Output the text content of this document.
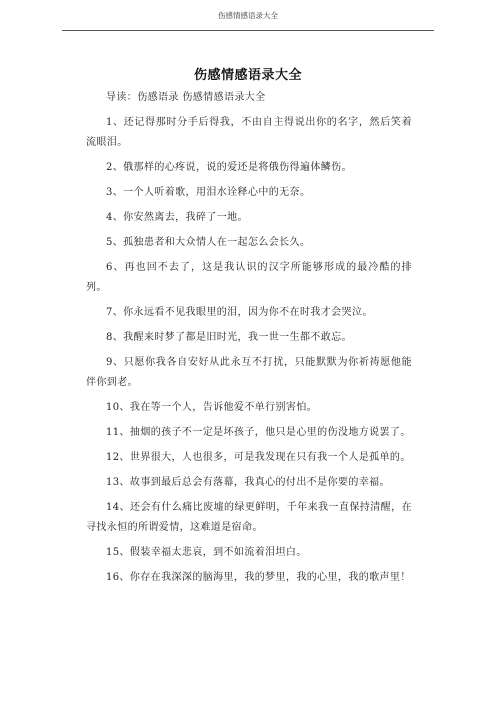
伤感情感语录大全
伤感情感语录大全

导读：伤感语录 伤感情感语录大全

1、还记得那时分手后得我，不由自主得说出你的名字，然后笑着流眼泪。

2、俄那样的心疼说，说的爱还是将俄伤得遍体鳞伤。

3、一个人听着歌，用泪水诠释心中的无奈。

4、你安然离去，我碎了一地。

5、孤独患者和大众情人在一起怎么会长久。

6、再也回不去了，这是我认识的汉字所能够形成的最冷酷的排列。

7、你永远看不见我眼里的泪，因为你不在时我才会哭泣。

8、我醒来时梦了都是旧时光，我一世一生都不敢忘。

9、只愿你我各自安好从此永互不打扰，只能默默为你祈祷愿他能伴你到老。

10、我在等一个人，告诉他爱不单行别害怕。

11、抽烟的孩子不一定是坏孩子，他只是心里的伤没地方说罢了。

12、世界很大，人也很多，可是我发现在只有我一个人是孤单的。

13、故事到最后总会有落幕，我真心的付出不是你要的幸福。

14、还会有什么痛比废墟的绿更鲜明，千年来我一直保持清醒，在寻找永恒的所谓爱情，这难道是宿命。

15、假装幸福太悲哀，到不如流着泪坦白。

16、你存在我深深的脑海里，我的梦里，我的心里，我的歌声里！
